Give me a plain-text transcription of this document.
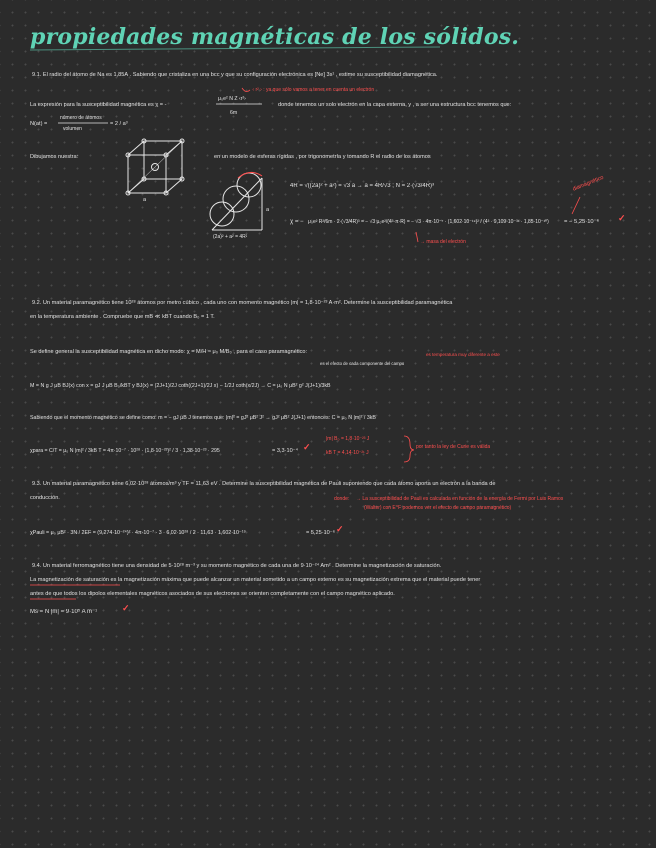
propiedades magnéticas de los sólidos.
9.1. El radio del átomo de Na es 1,85Å . Sabiendo que cristaliza en una bcc y que su configuración electrónica es [Ne] 3s¹ , estime su susceptibilidad diamagnética.
→ ‹ r² › : ya que sólo vamos a tener en cuenta un electrón
La expresión para la susceptibilidad magnética es χ = -
μ₀e² N Z ‹r²›
6m
donde tenemos un solo electrón en la capa externa, y , a ser una estructura bcc tenemos que:
N(at) =
número de átomos
volumen
= 2 / a³
Dibujamos nuestra:
a
en un modelo de esferas rígidas , por trigonometría y tomando R el radio de los átomos
a
(2a)² + a² = 4R²
4R = √((2a)² + a²) = √3 a → a = 4R/√3 ; N = 2·(√3/4R)³
χ = − μ₀e² R²/6m · 2·(√3/4R)³ = − √3 μ₀e²/(4³·π·R) = − √3 · 4π·10⁻⁷ · (1,602·10⁻¹⁹)² / (4³ · 9,109·10⁻³¹ · 1,85·10⁻¹⁰)	= − 5,25·10⁻⁶ ✓
→ masa del electrón
diamagnético
9.2. Un material paramagnético tiene 10²⁸ átomos por metro cúbico , cada uno con momento magnético |m| = 1,8·10⁻²³ A·m². Determine la susceptibilidad paramagnética
en la temperatura ambiente . Compruebe que mB ≪ kBT cuando B₀ = 1 T.
Se define general la susceptibilidad magnética en dicho modo: χ = M/H ≈ μ₀ M/B₀ , para el caso paramagnético:
es el efecto de cada componente del campo
es temperatura muy diferente a este
M = N g J μB BJ(x) con x = gJ J μB B₀/kBT y BJ(x) = (2J+1)/2J coth((2J+1)/2J x) − 1/2J coth(x/2J) → C = μ₀ N μB² g² J(J+1)/3kB
Sabiendo que el momento magnético se define como: m = − gJ μB J tenemos que: |m|² = gJ² μB² J² → gJ² μB² J(J+1) entonces: C = μ₀ N |m|² / 3kB
χpara = C/T = μ₀ N |m|² / 3kB T = 4π·10⁻⁷ · 10²⁸ · (1,8·10⁻²³)² / 3 · 1,38·10⁻²³ · 295	= 3,3·10⁻⁴ ✓
|m| B₀ = 1,8·10⁻²³ J
kB T = 4,14·10⁻²¹ J
por tanto la ley de Curie es válida
9.3. Un material paramagnético tiene 6,02·10²⁸ átomos/m³ y TF = 11,63 eV . Determine la susceptibilidad magnética de Pauli suponiendo que cada átomo aporta un electrón a la banda de
conducción.	donde: → La susceptibilidad de Pauli es calculada en función de la energía de Fermi por Luis Ramos
(Walter) con E^F podemos ver el efecto de campo paramagnético)
χPauli = μ₀ μB² · 3N / 2EF = (9,274·10⁻²⁴)² · 4π·10⁻⁷ · 3 · 6,02·10²⁸ / 2 · 11,63 · 1,602·10⁻¹⁹	= 5,25·10⁻⁶ ✓
9.4. Un material ferromagnético tiene una densidad de 5·10²⁸ m⁻³ y su momento magnético de cada una de 9·10⁻²⁴ Am² . Determine la magnetización de saturación.
La magnetización de saturación es la magnetización máxima que puede alcanzar un material sometido a un campo externo es su magnetización extrema que el material puede tener
antes de que todos los dipolos elementales magnéticos asociados de sus electrones se orienten completamente con el campo magnético aplicado.
Ms = N |m| = 9·10⁵ A m⁻¹	✓
